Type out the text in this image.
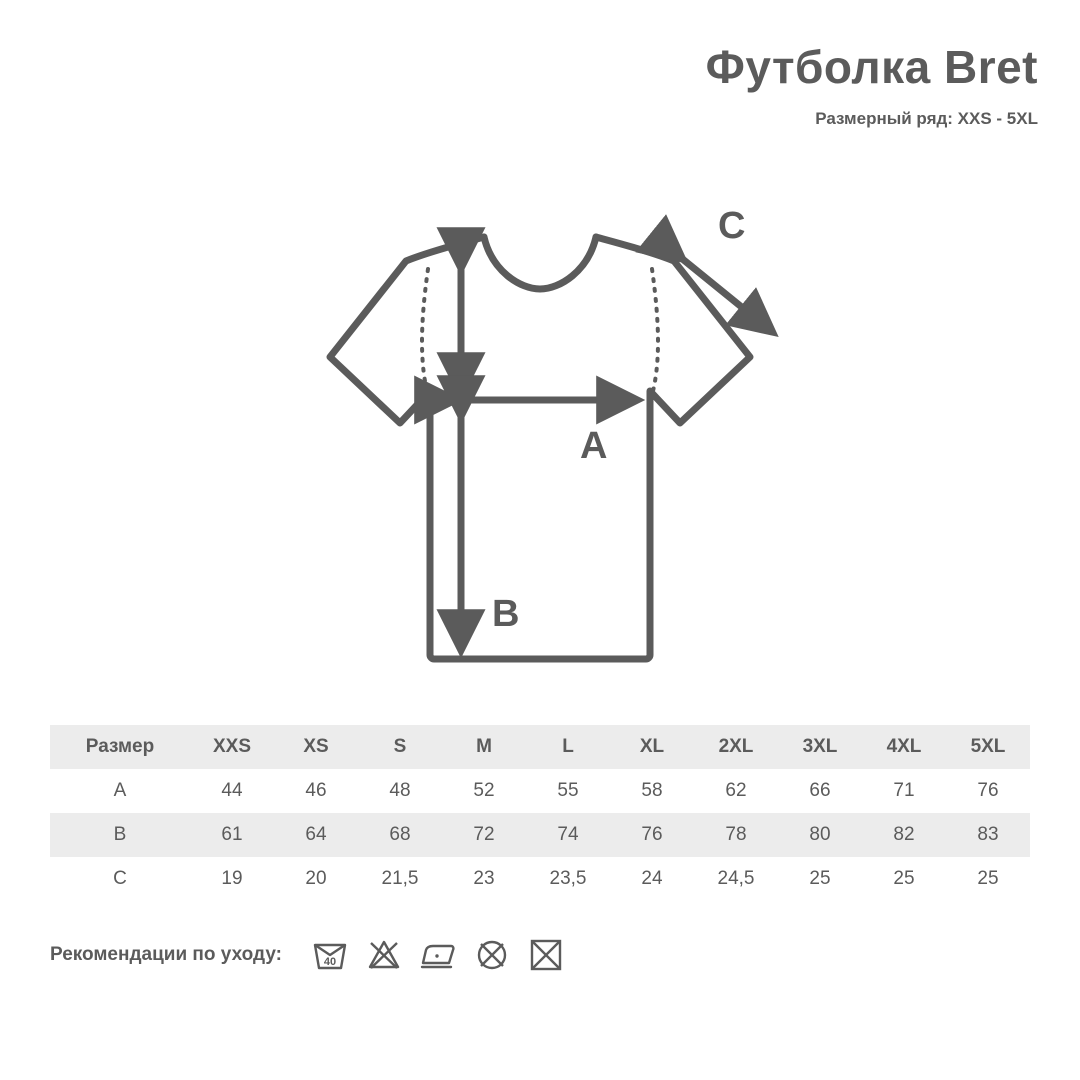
Футболка Bret
Размерный ряд: XXS - 5XL
C
A
B
Размер	XXS	XS	S	M	L	XL	2XL	3XL	4XL	5XL
A	44	46	48	52	55	58	62	66	71	76
B	61	64	68	72	74	76	78	80	82	83
C	19	20	21,5	23	23,5	24	24,5	25	25	25
Рекомендации по уходу:	40
